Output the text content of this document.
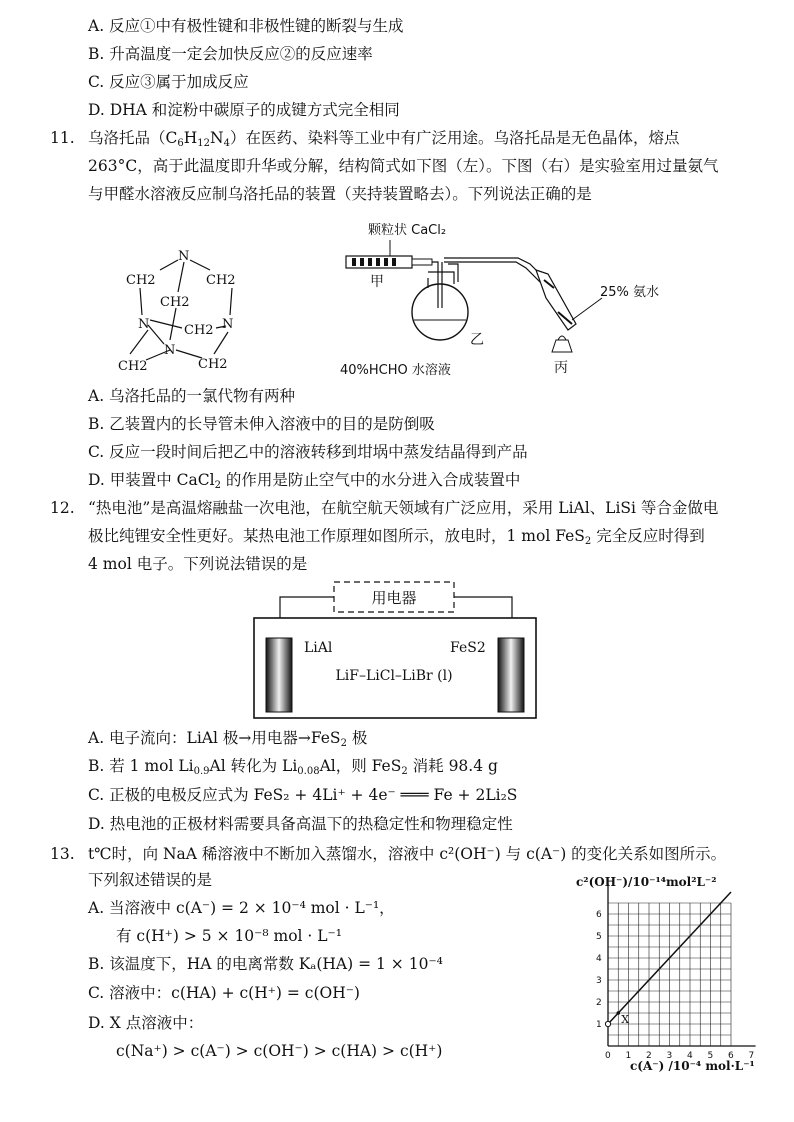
A. 反应①中有极性键和非极性键的断裂与生成
B. 升高温度一定会加快反应②的反应速率
C. 反应③属于加成反应
D. DHA 和淀粉中碳原子的成键方式完全相同
11. 乌洛托品$(C_6H_{12}N_4)$在医药、染料等工业中有广泛用途。乌洛托品是无色晶体，熔点
263°C，高于此温度即升华或分解，结构简式如下图（左）。下图（右）是实验室用过量氨气
与甲醛水溶液反应制乌洛托品的装置（夹持装置略去）。下列说法正确的是
N
CH2	CH2
CH2
N	CH2 N
N
CH2	CH2
颗粒状 CaCl₂
甲
乙
25% 氨水
40%HCHO 水溶液	丙
A. 乌洛托品的一氯代物有两种
B. 乙装置内的长导管未伸入溶液中的目的是防倒吸
C. 反应一段时间后把乙中的溶液转移到坩埚中蒸发结晶得到产品
D. 甲装置中 CaCl$_2$ 的作用是防止空气中的水分进入合成装置中
12. “热电池”是高温熔融盐一次电池，在航空航天领域有广泛应用，采用 LiAl、LiSi 等合金做电
极比纯锂安全性更好。某热电池工作原理如图所示，放电时，1 mol FeS$_2$ 完全反应时得到
4 mol 电子。下列说法错误的是
用电器
LiAl	FeS2
LiF–LiCl–LiBr (l)
A. 电子流向：LiAl 极→用电器→FeS$_2$ 极
B. 若 1 mol $Li_{0.9}Al$ 转化为 $Li_{0.08}Al$，则 FeS$_2$ 消耗 98.4 g
C. 正极的电极反应式为 FeS₂ + 4Li⁺ + 4e⁻ ═══ Fe + 2Li₂S
D. 热电池的正极材料需要具备高温下的热稳定性和物理稳定性
13. t℃时，向 NaA 稀溶液中不断加入蒸馏水，溶液中 c²(OH⁻) 与 c(A⁻) 的变化关系如图所示。
下列叙述错误的是
A. 当溶液中 c(A⁻) = 2 × 10⁻⁴ mol · L⁻¹，
有 c(H⁺) > 5 × 10⁻⁸ mol · L⁻¹
B. 该温度下，HA 的电离常数 Kₐ(HA) = 1 × 10⁻⁴
C. 溶液中：c(HA) + c(H⁺) = c(OH⁻)
D. X 点溶液中：
c(Na⁺) > c(A⁻) > c(OH⁻) > c(HA) > c(H⁺)
c²(OH⁻)/10⁻¹⁴mol²L⁻²
0 1 2 3 4 5 6 7
1
2
3
4
5
6
X
c(A⁻) /10⁻⁴ mol·L⁻¹
